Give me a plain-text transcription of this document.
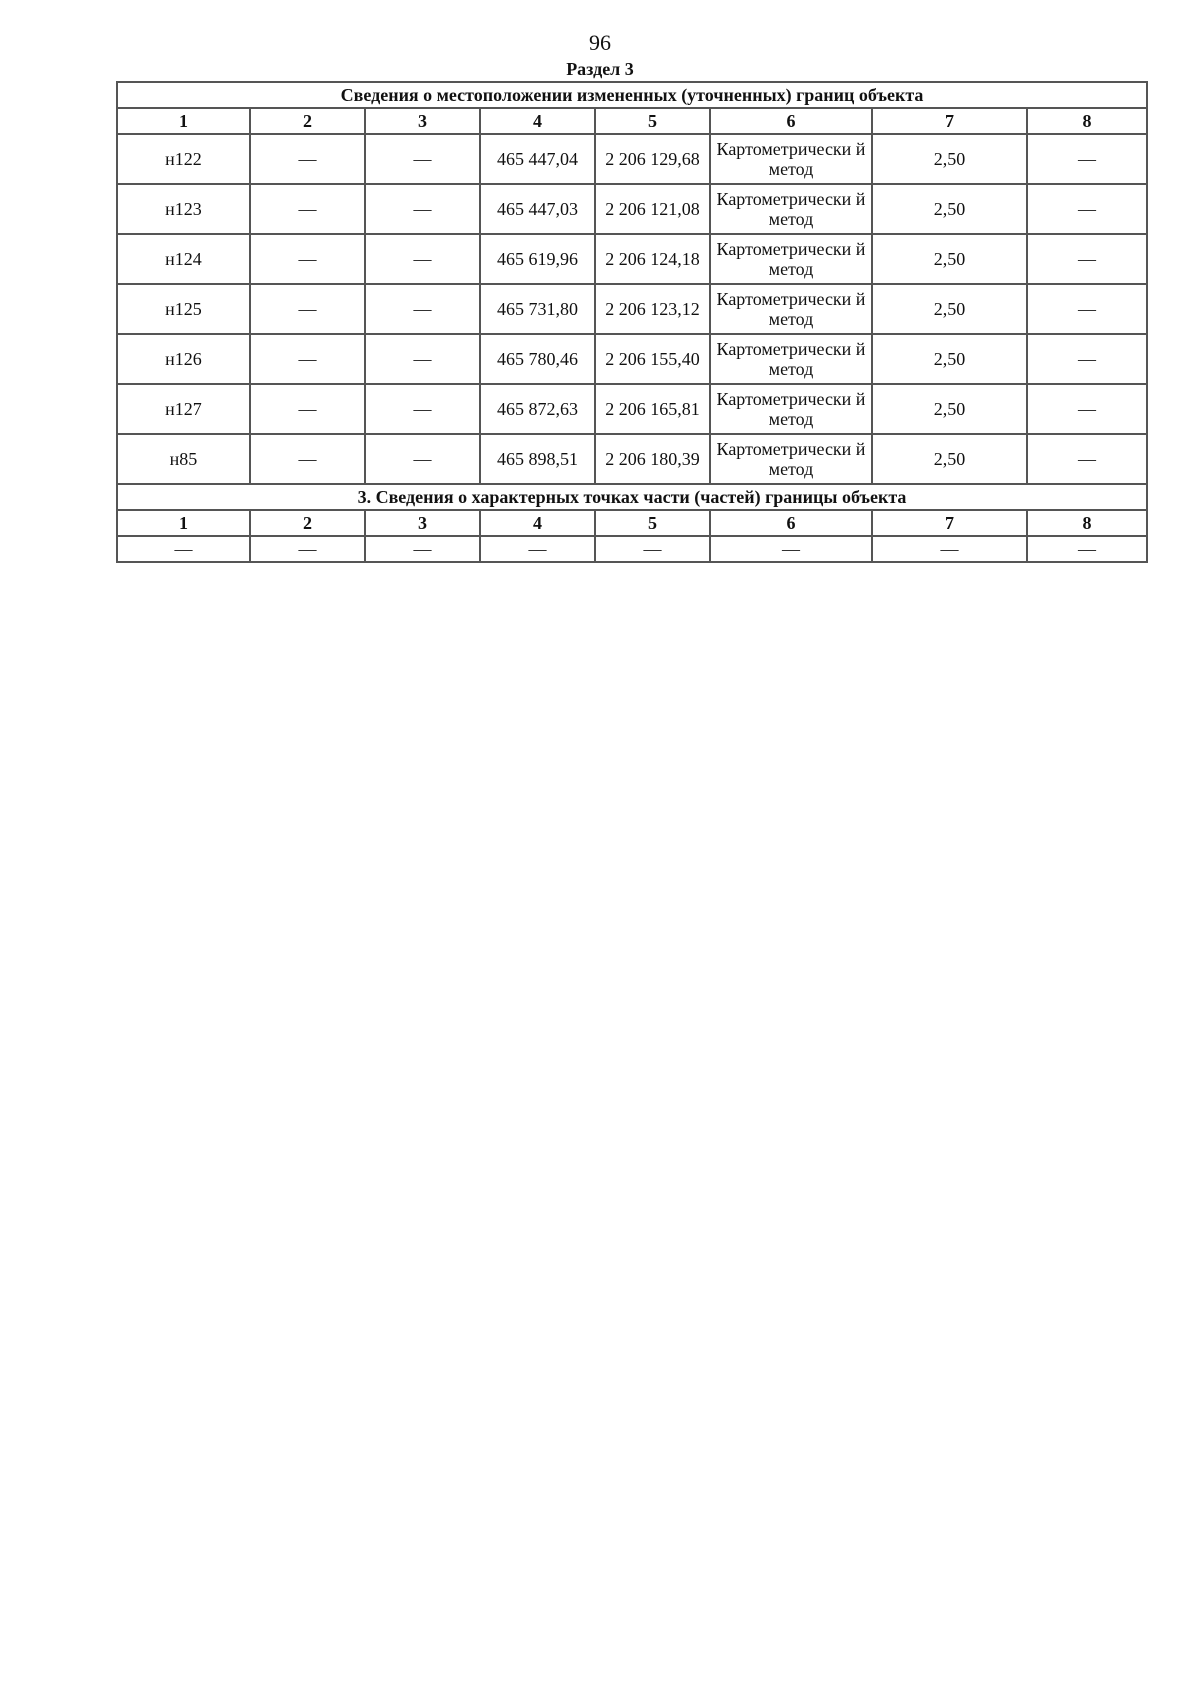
96
Раздел 3
Сведения о местоположении измененных (уточненных) границ объекта							
1	2	3	4	5	6	7	8
н122	—	—	465 447,04	2 206 129,68	Картометрически й метод	2,50	—
н123	—	—	465 447,03	2 206 121,08	Картометрически й метод	2,50	—
н124	—	—	465 619,96	2 206 124,18	Картометрически й метод	2,50	—
н125	—	—	465 731,80	2 206 123,12	Картометрически й метод	2,50	—
н126	—	—	465 780,46	2 206 155,40	Картометрически й метод	2,50	—
н127	—	—	465 872,63	2 206 165,81	Картометрически й метод	2,50	—
н85	—	—	465 898,51	2 206 180,39	Картометрически й метод	2,50	—
3. Сведения о характерных точках части (частей) границы объекта							
1	2	3	4	5	6	7	8
—	—	—	—	—	—	—	—
